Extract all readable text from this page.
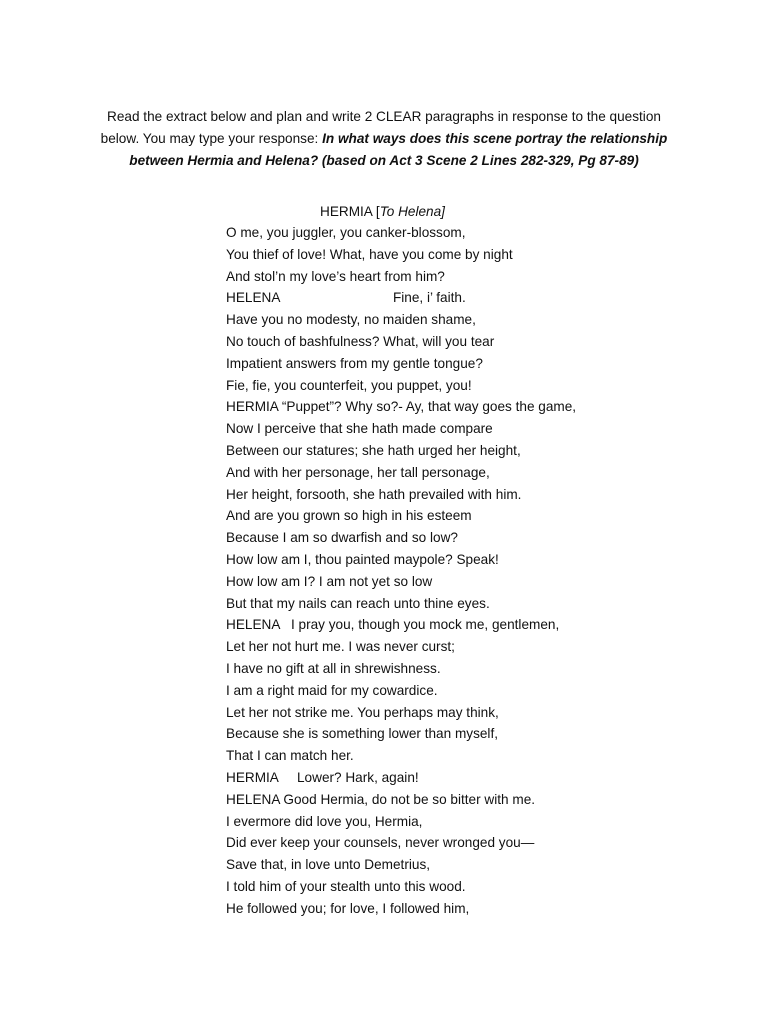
Read the extract below and plan and write 2 CLEAR paragraphs in response to the question below. You may type your response: In what ways does this scene portray the relationship between Hermia and Helena? (based on Act 3 Scene 2 Lines 282-329, Pg 87-89)

HERMIA [To Helena]
O me, you juggler, you canker-blossom,
You thief of love! What, have you come by night
And stol’n my love’s heart from him?
HELENA                              Fine, i’ faith.
Have you no modesty, no maiden shame,
No touch of bashfulness? What, will you tear
Impatient answers from my gentle tongue?
Fie, fie, you counterfeit, you puppet, you!
HERMIA “Puppet”? Why so?- Ay, that way goes the game,
Now I perceive that she hath made compare
Between our statures; she hath urged her height,
And with her personage, her tall personage,
Her height, forsooth, she hath prevailed with him.
And are you grown so high in his esteem
Because I am so dwarfish and so low?
How low am I, thou painted maypole? Speak!
How low am I? I am not yet so low
But that my nails can reach unto thine eyes.
HELENA   I pray you, though you mock me, gentlemen,
Let her not hurt me. I was never curst;
I have no gift at all in shrewishness.
I am a right maid for my cowardice.
Let her not strike me. You perhaps may think,
Because she is something lower than myself,
That I can match her.
HERMIA     Lower? Hark, again!
HELENA Good Hermia, do not be so bitter with me.
I evermore did love you, Hermia,
Did ever keep your counsels, never wronged you—
Save that, in love unto Demetrius,
I told him of your stealth unto this wood.
He followed you; for love, I followed him,
